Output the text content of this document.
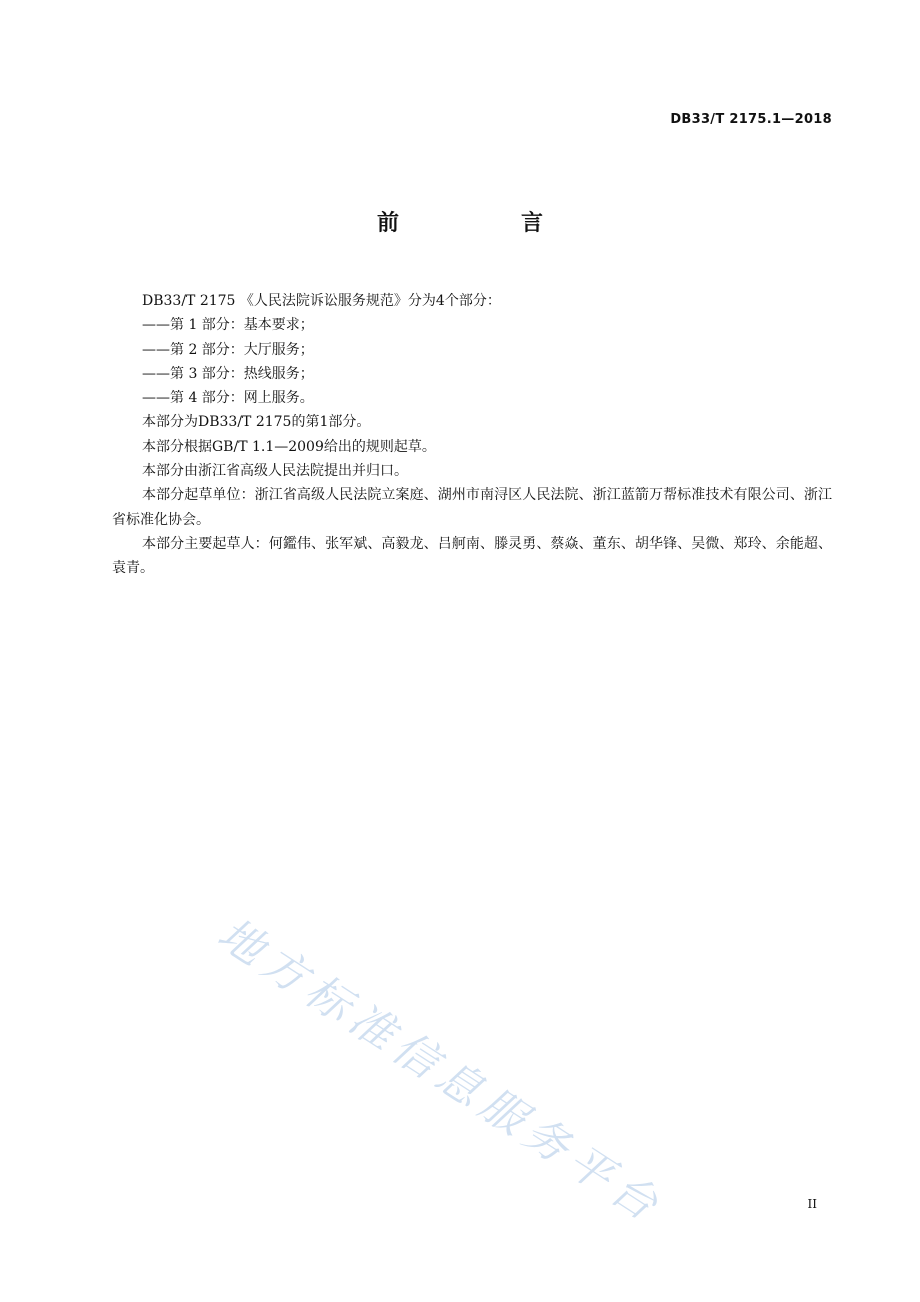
DB33/T 2175.1—2018
前　言

DB33/T 2175 《人民法院诉讼服务规范》分为4个部分：

——第 1 部分：基本要求；

——第 2 部分：大厅服务；

——第 3 部分：热线服务；

——第 4 部分：网上服务。

本部分为DB33/T 2175的第1部分。

本部分根据GB/T 1.1—2009给出的规则起草。

本部分由浙江省高级人民法院提出并归口。

本部分起草单位：浙江省高级人民法院立案庭、湖州市南浔区人民法院、浙江蓝箭万帮标准技术有限公司、浙江省标准化协会。

本部分主要起草人：何鑑伟、张军斌、高毅龙、吕舸南、滕灵勇、蔡焱、董东、胡华锋、吴微、郑玲、余能超、袁青。

地方标准信息服务平台	II
